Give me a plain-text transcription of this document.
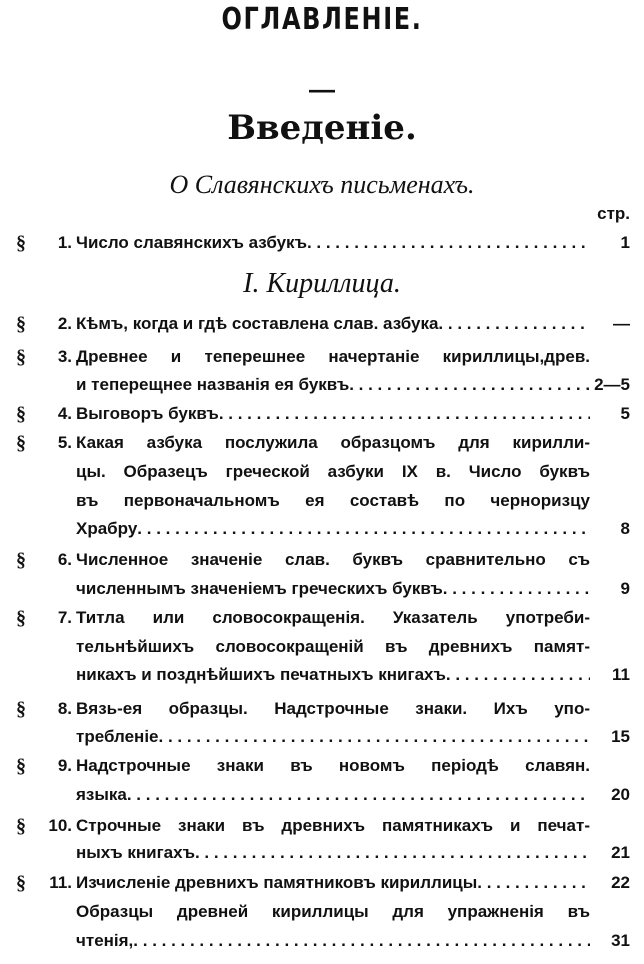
ОГЛАВЛЕНІЕ.
—
Введеніе.
О Славянскихъ письменахъ.
стр.
I. Кириллица.
§	1. Число славянскихъ азбукъ . . .	1
§	2. Кѣмъ, когда и гдѣ составлена слав. азбука . . .	—
§	3. Древнее и теперешнее начертаніе кириллицы,древ.
и теперещнее названія ея буквъ . . .	2—5
§	4. Выговоръ буквъ . . .	5
§	5. Какая азбука послужила образцомъ для кирилли-
цы. Образецъ греческой азбуки IX в. Число буквъ
въ первоначальномъ ея составѣ по черноризцу
Храбру . . .	8
§	6. Численное значеніе слав. буквъ сравнительно съ
численнымъ значеніемъ греческихъ буквъ . . .	9
§	7. Титла или словосокращенія. Указатель употреби-
тельнѣйшихъ словосокращеній въ древнихъ памят-
никахъ и позднѣйшихъ печатныхъ книгахъ . . .	11
§	8. Вязь-ея образцы. Надстрочные знаки. Ихъ упо-
требленіе . . .	15
§	9. Надстрочные знаки въ новомъ періодѣ славян.
языка . . .	20
§	10. Строчные знаки въ древнихъ памятникахъ и печат-
ныхъ книгахъ . . .	21
§	11. Изчисленіе древнихъ памятниковъ кириллицы . . .	22
Образцы древней кириллицы для упражненія въ
чтенія, . . .	31
